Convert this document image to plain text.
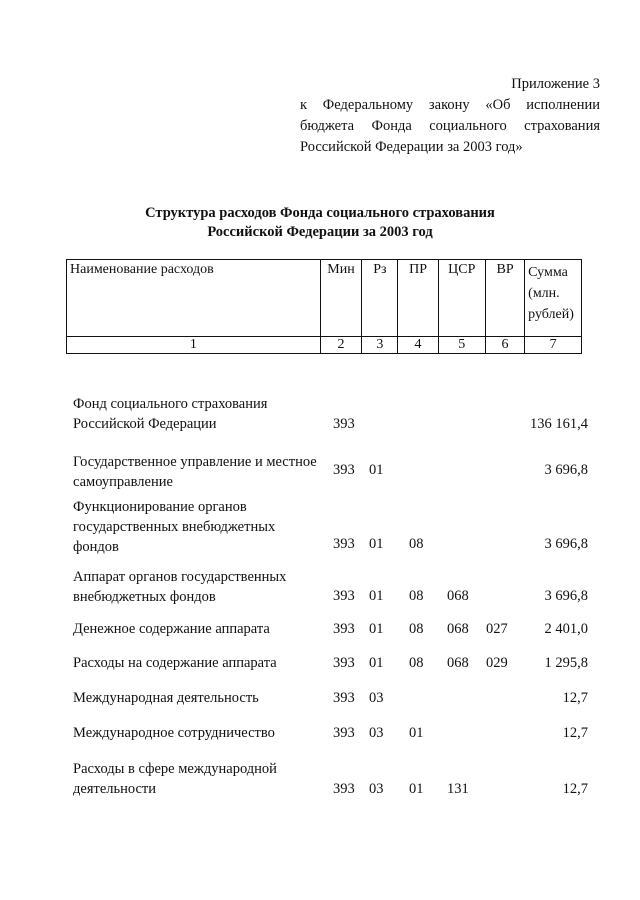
Приложение 3
к Федеральному закону «Об исполнении
бюджета Фонда социального страхования
Российской Федерации за 2003 год»
Структура расходов Фонда социального страхования
Российской Федерации за 2003 год
Наименование расходов	Мин	Рз	ПР	ЦСР	ВР	Сумма
(млн.
рублей)

1	2	3	4	5	6	7
Фонд социального страхования
Российской Федерации	393	136 161,4
Государственное управление и местное
самоуправление
393 01	3 696,8
Функционирование органов
государственных внебюджетных
фондов	393 01 08	3 696,8
Аппарат органов государственных
внебюджетных фондов	393 01 08 068	3 696,8
Денежное содержание аппарата	393 01 08 068 027	2 401,0
Расходы на содержание аппарата	393 01 08 068 029	1 295,8
Международная деятельность	393 03	12,7
Международное сотрудничество	393 03 01	12,7
Расходы в сфере международной
деятельности	393 03 01 131	12,7
